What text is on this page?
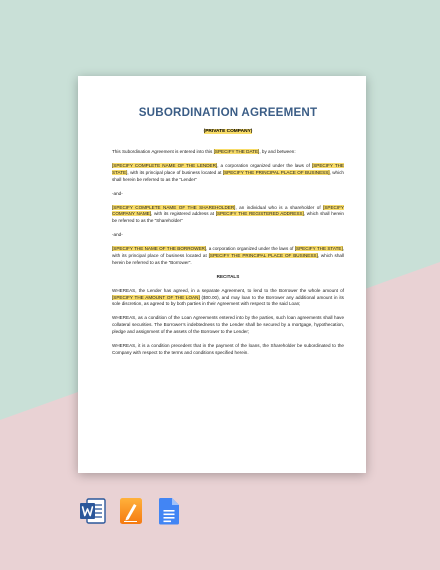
SUBORDINATION AGREEMENT
(PRIVATE COMPANY)

This Subordination Agreement is entered into this [SPECIFY THE DATE], by and between:

[SPECIFY COMPLETE NAME OF THE LENDER], a corporation organized under the laws of [SPECIFY THE STATE], with its principal place of business located at [SPECIFY THE PRINCIPAL PLACE OF BUSINESS], which shall herein be referred to as the “Lender”

-and-

[SPECIFY COMPLETE NAME OF THE SHAREHOLDER], an individual who is a shareholder of [SPECIFY COMPANY NAME], with its registered address at [SPECIFY THE REGISTERED ADDRESS], which shall herein be referred to as the “Shareholder”

-and-

[SPECIFY THE NAME OF THE BORROWER], a corporation organized under the laws of [SPECIFY THE STATE], with its principal place of business located at [SPECIFY THE PRINCIPAL PLACE OF BUSINESS], which shall herein be referred to as the “Borrower”.

RECITALS

WHEREAS, the Lender has agreed, in a separate Agreement, to lend to the Borrower the whole amount of [SPECIFY THE AMOUNT OF THE LOAN] ($00.00), and may loan to the Borrower any additional amount in its sole discretion, as agreed to by both parties in their Agreement with respect to the said Loan;

WHEREAS, as a condition of the Loan Agreements entered into by the parties, such loan agreements shall have collateral securities. The Borrower’s indebtedness to the Lender shall be secured by a mortgage, hypothecation, pledge and assignment of the assets of the Borrower to the Lender;

WHEREAS, it is a condition precedent that in the payment of the loans, the Shareholder be subordinated to the Company with respect to the terms and conditions specified herein.
